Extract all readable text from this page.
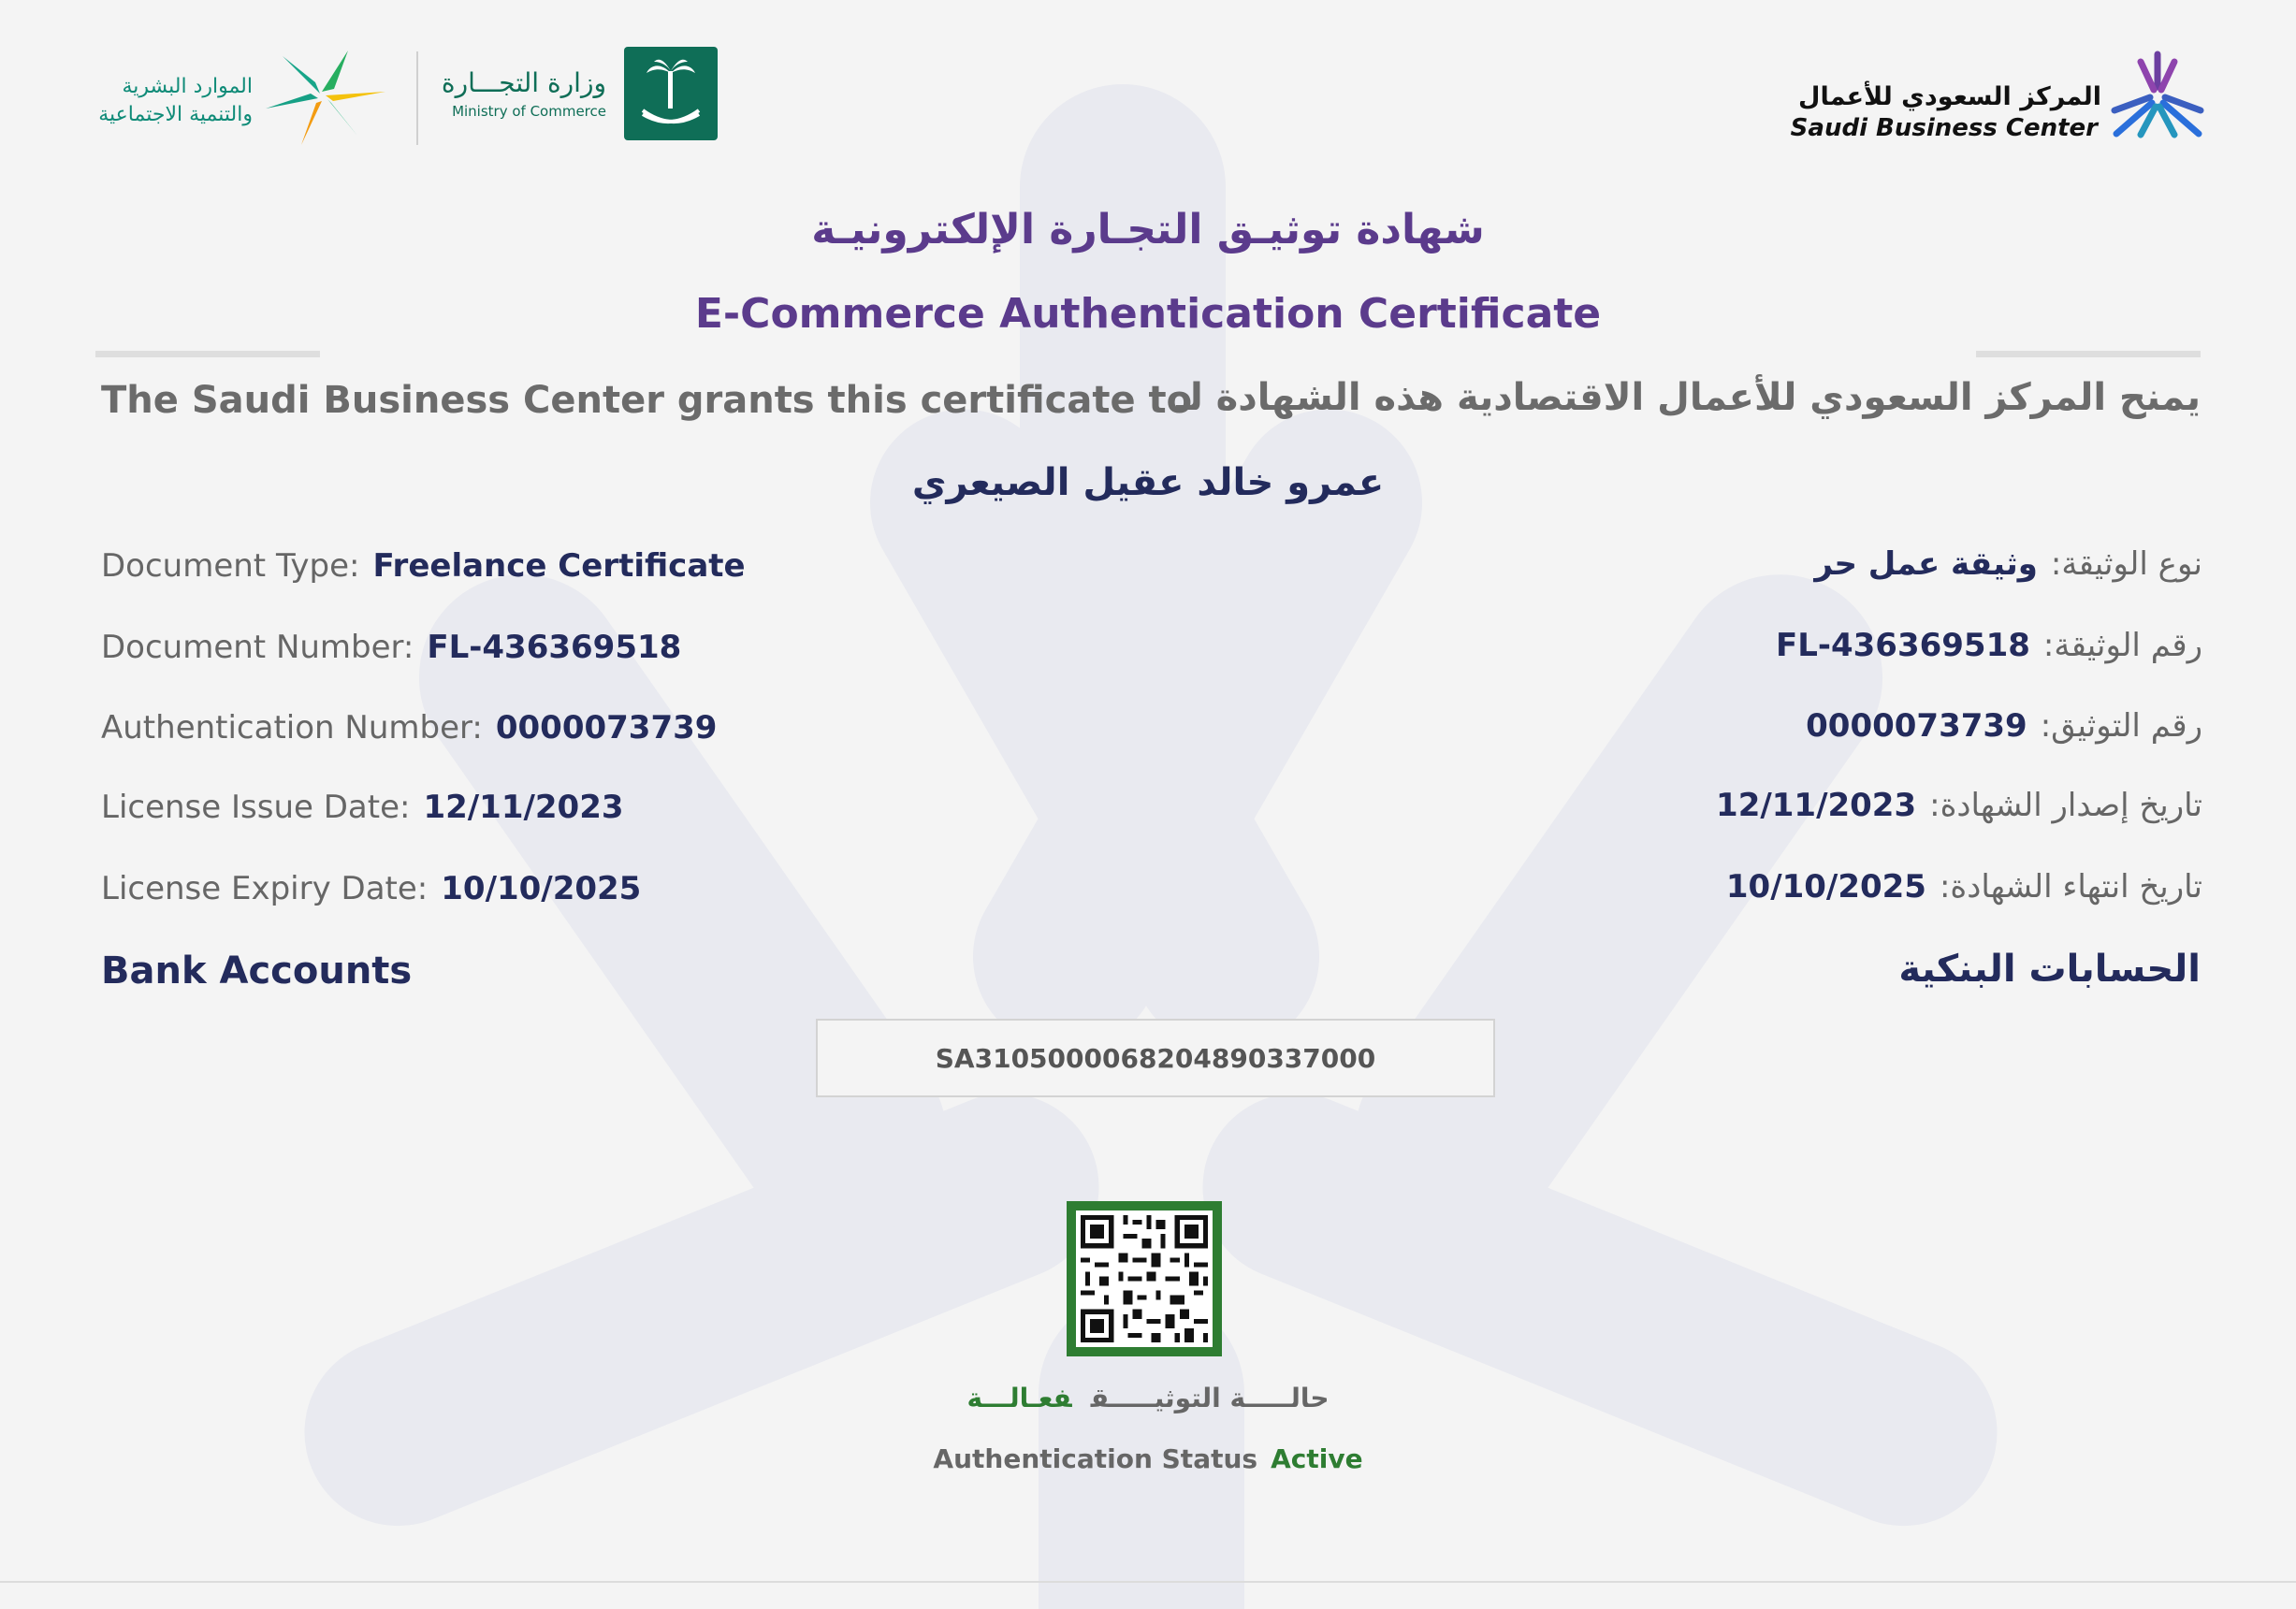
الموارد البشرية
والتنمية الاجتماعية
وزارة التجـــارة
Ministry of Commerce	المركز السعودي للأعمال
Saudi Business Center
شهادة توثيـق التجـارة الإلكترونيـة
E-Commerce Authentication Certificate
The Saudi Business Center grants this certificate to
يمنح المركز السعودي للأعمال الاقتصادية هذه الشهادة لـ
عمرو خالد عقيل الصيعري
Document Type: Freelance Certificate
Document Number: FL-436369518
Authentication Number: 0000073739
License Issue Date: 12/11/2023
License Expiry Date: 10/10/2025
نوع الوثيقة:وثيقة عمل حر
رقم الوثيقة:FL-436369518
رقم التوثيق:0000073739
تاريخ إصدار الشهادة:12/11/2023
تاريخ انتهاء الشهادة:10/10/2025
Bank Accounts	الحسابات البنكية
SA3105000068204890337000
حالـــــة التوثيـــــقفعـالـــة
Authentication Status Active
